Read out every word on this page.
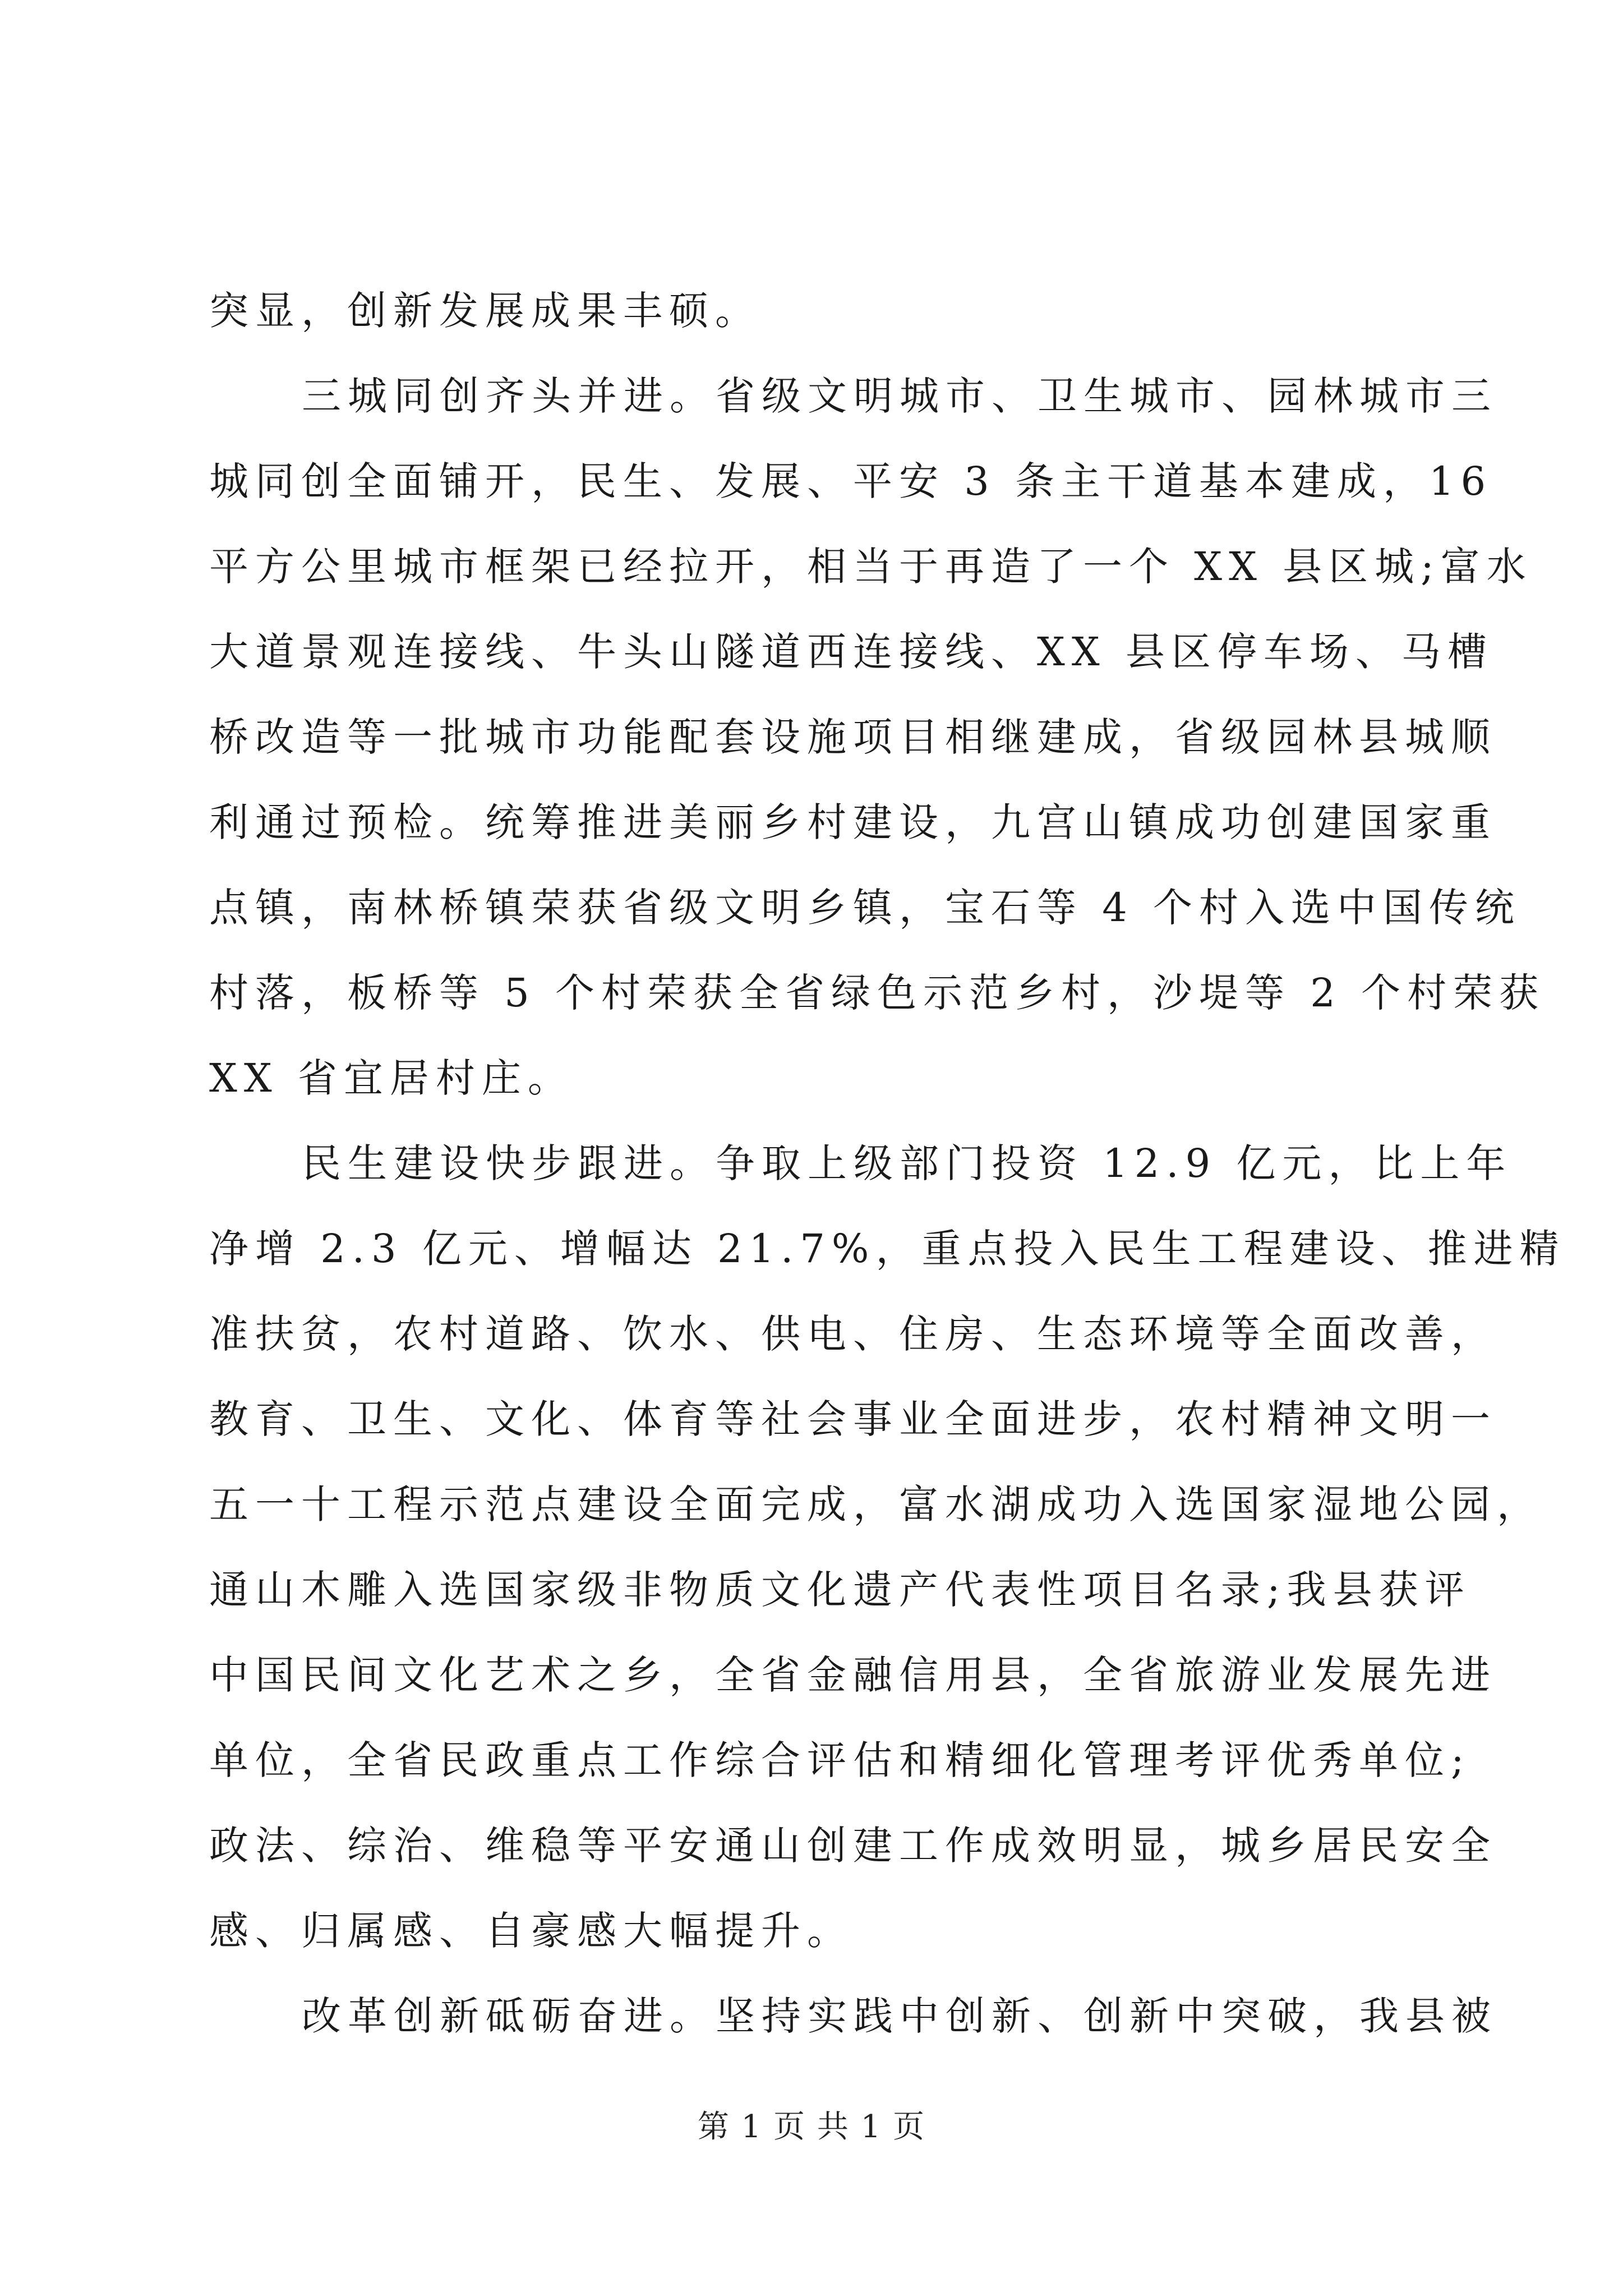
突显，创新发展成果丰硕。
三城同创齐头并进。省级文明城市、卫生城市、园林城市三
城同创全面铺开，民生、发展、平安 3 条主干道基本建成，16
平方公里城市框架已经拉开，相当于再造了一个 XX 县区城;富水
大道景观连接线、牛头山隧道西连接线、XX 县区停车场、马槽
桥改造等一批城市功能配套设施项目相继建成，省级园林县城顺
利通过预检。统筹推进美丽乡村建设，九宫山镇成功创建国家重
点镇，南林桥镇荣获省级文明乡镇，宝石等 4 个村入选中国传统
村落，板桥等 5 个村荣获全省绿色示范乡村，沙堤等 2 个村荣获
XX 省宜居村庄。
民生建设快步跟进。争取上级部门投资 12.9 亿元，比上年
净增 2.3 亿元、增幅达 21.7%，重点投入民生工程建设、推进精
准扶贫，农村道路、饮水、供电、住房、生态环境等全面改善，
教育、卫生、文化、体育等社会事业全面进步，农村精神文明一
五一十工程示范点建设全面完成，富水湖成功入选国家湿地公园，
通山木雕入选国家级非物质文化遗产代表性项目名录;我县获评
中国民间文化艺术之乡，全省金融信用县，全省旅游业发展先进
单位，全省民政重点工作综合评估和精细化管理考评优秀单位;
政法、综治、维稳等平安通山创建工作成效明显，城乡居民安全
感、归属感、自豪感大幅提升。
改革创新砥砺奋进。坚持实践中创新、创新中突破，我县被
第 1 页 共 1 页
